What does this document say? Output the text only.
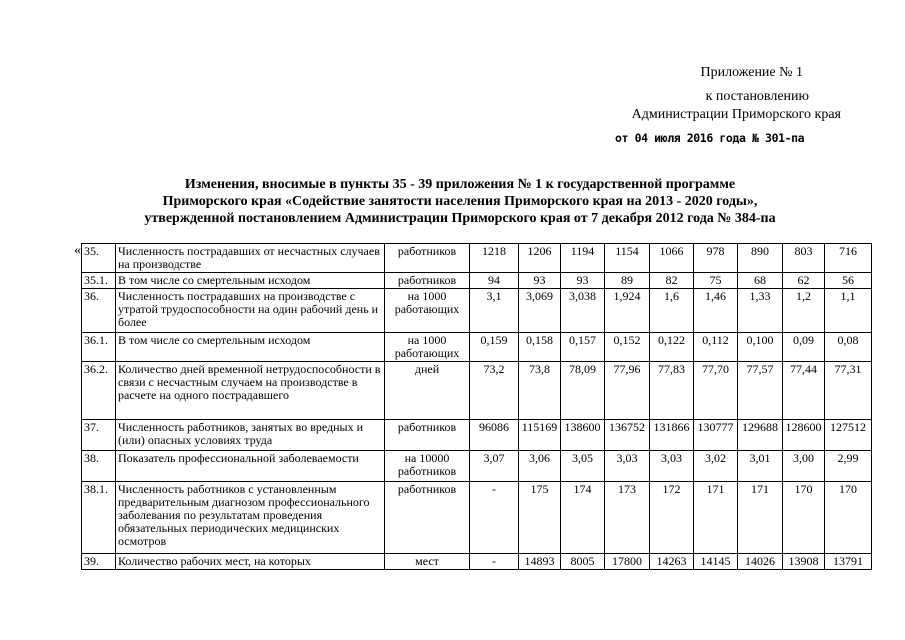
Приложение № 1
к постановлению
Администрации Приморского края
от 04 июля 2016 года № 301-па
Изменения, вносимые в пункты 35 - 39 приложения № 1 к государственной программе
Приморского края «Содействие занятости населения Приморского края на 2013 - 2020 годы»,
утвержденной постановлением Администрации Приморского края от 7 декабря 2012 года № 384-па
« 35.	Численность пострадавших от несчастных случаев на производстве	работников	1218	1206	1194	1154	1066	978	890	803	716
35.1.	В том числе со смертельным исходом	работников	94	93	93	89	82	75	68	62	56
36.	Численность пострадавших на производстве с утратой трудоспособности на один рабочий день и более	на 1000 работающих	3,1	3,069	3,038	1,924	1,6	1,46	1,33	1,2	1,1
36.1.	В том числе со смертельным исходом	на 1000 работающих	0,159	0,158	0,157	0,152	0,122	0,112	0,100	0,09	0,08
36.2.	Количество дней временной нетрудоспособности в связи с несчастным случаем на производстве в расчете на одного пострадавшего	дней	73,2	73,8	78,09	77,96	77,83	77,70	77,57	77,44	77,31
37.	Численность работников, занятых во вредных и (или) опасных условиях труда	работников	96086	115169	138600	136752	131866	130777	129688	128600	127512
38.	Показатель профессиональной заболеваемости	на 10000 работников	3,07	3,06	3,05	3,03	3,03	3,02	3,01	3,00	2,99
38.1.	Численность работников с установленным предварительным диагнозом профессионального заболевания по результатам проведения обязательных периодических медицинских осмотров	работников	-	175	174	173	172	171	171	170	170
39.	Количество рабочих мест, на которых	мест	-	14893	8005	17800	14263	14145	14026	13908	13791
